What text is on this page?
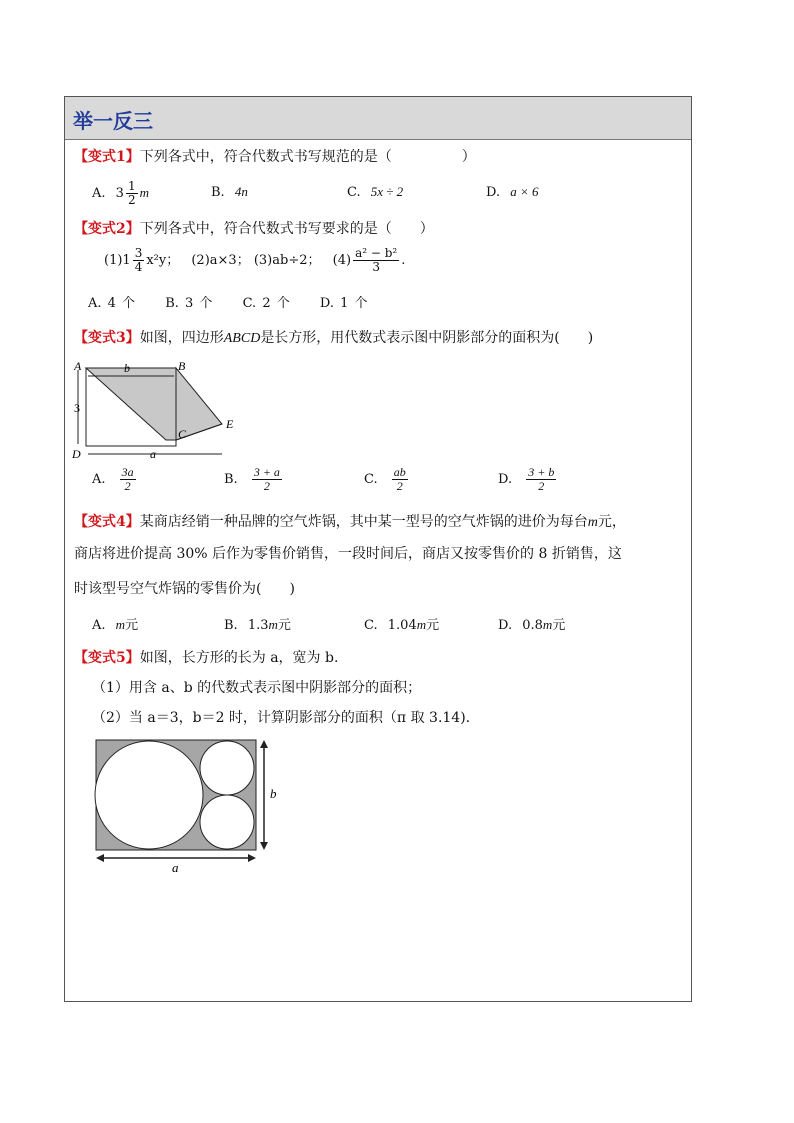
举一反三
【变式1】下列各式中，符合代数式书写规范的是（　　　　　）
A. $3 \frac{1}{2}$ m	B. 4n	C. 5x ÷ 2	D. a × 6
【变式2】下列各式中，符合代数式书写要求的是（　　）
$(1)1 \frac{3}{4} x^2y$； (2)a×3； (3)ab÷2； $(4) \frac{\text{a² − b²}}{3}$ .
A. 4 个 B. 3 个 C. 2 个 D. 1 个
【变式3】如图，四边形ABCD是长方形，用代数式表示图中阴影部分的面积为(　　)
A	B
C
D
E
b
3
a
A. $\frac{3a}{2}$	B. $\frac{3 + a}{2}$	C. $\frac{ab}{2}$	D. $\frac{3 + b}{2}$
【变式4】某商店经销一种品牌的空气炸锅，其中某一型号的空气炸锅的进价为每台m元，
商店将进价提高 30% 后作为零售价销售，一段时间后，商店又按零售价的 8 折销售，这
时该型号空气炸锅的零售价为(　　)
A. m元	B. 1.3m元	C. 1.04m元	D. 0.8m元
【变式5】如图，长方形的长为 a，宽为 b.
（1）用含 a、b 的代数式表示图中阴影部分的面积；
（2）当 a＝3，b＝2 时，计算阴影部分的面积（π 取 3.14).
b
a
